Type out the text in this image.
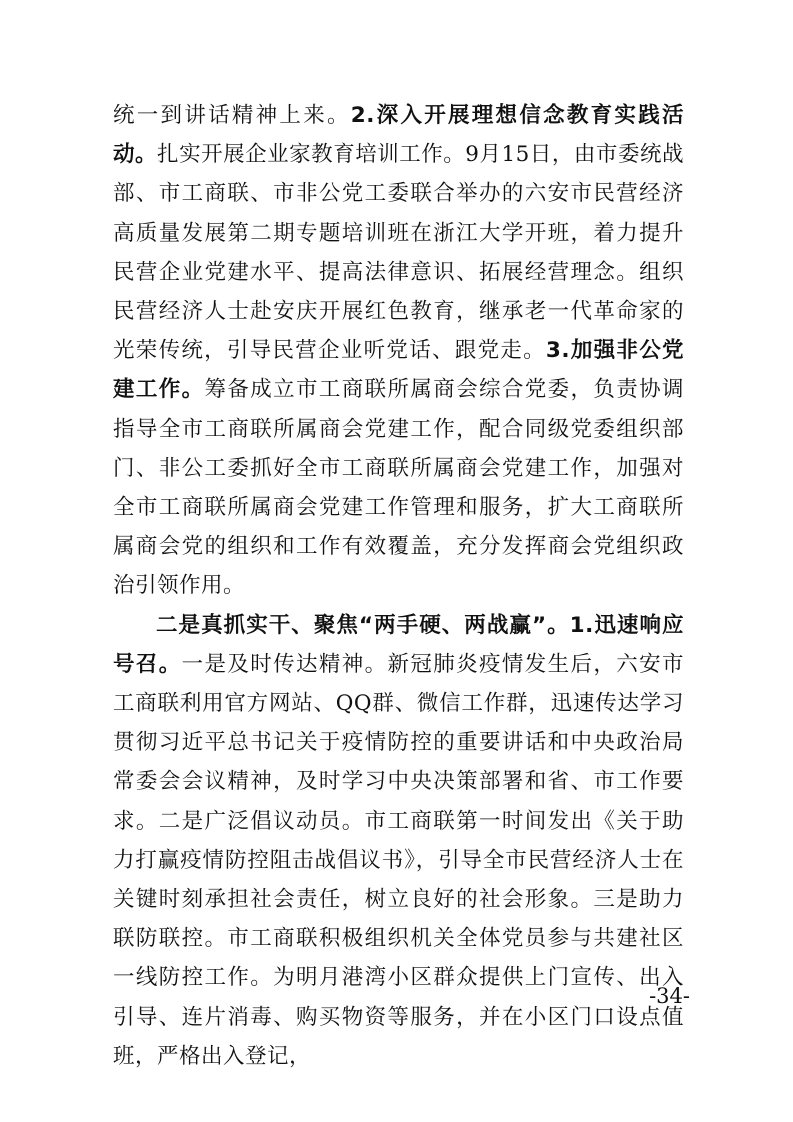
统一到讲话精神上来。2.深入开展理想信念教育实践活动。扎实开展企业家教育培训工作。9月15日，由市委统战部、市工商联、市非公党工委联合举办的六安市民营经济高质量发展第二期专题培训班在浙江大学开班，着力提升民营企业党建水平、提高法律意识、拓展经营理念。组织民营经济人士赴安庆开展红色教育，继承老一代革命家的光荣传统，引导民营企业听党话、跟党走。3.加强非公党建工作。筹备成立市工商联所属商会综合党委，负责协调指导全市工商联所属商会党建工作，配合同级党委组织部门、非公工委抓好全市工商联所属商会党建工作，加强对全市工商联所属商会党建工作管理和服务，扩大工商联所属商会党的组织和工作有效覆盖，充分发挥商会党组织政治引领作用。

二是真抓实干、聚焦“两手硬、两战赢”。1.迅速响应号召。一是及时传达精神。新冠肺炎疫情发生后，六安市工商联利用官方网站、QQ群、微信工作群，迅速传达学习贯彻习近平总书记关于疫情防控的重要讲话和中央政治局常委会会议精神，及时学习中央决策部署和省、市工作要求。二是广泛倡议动员。市工商联第一时间发出《关于助力打赢疫情防控阻击战倡议书》，引导全市民营经济人士在关键时刻承担社会责任，树立良好的社会形象。三是助力联防联控。市工商联积极组织机关全体党员参与共建社区一线防控工作。为明月港湾小区群众提供上门宣传、出入引导、连片消毒、购买物资等服务，并在小区门口设点值班，严格出入登记，

-34-
